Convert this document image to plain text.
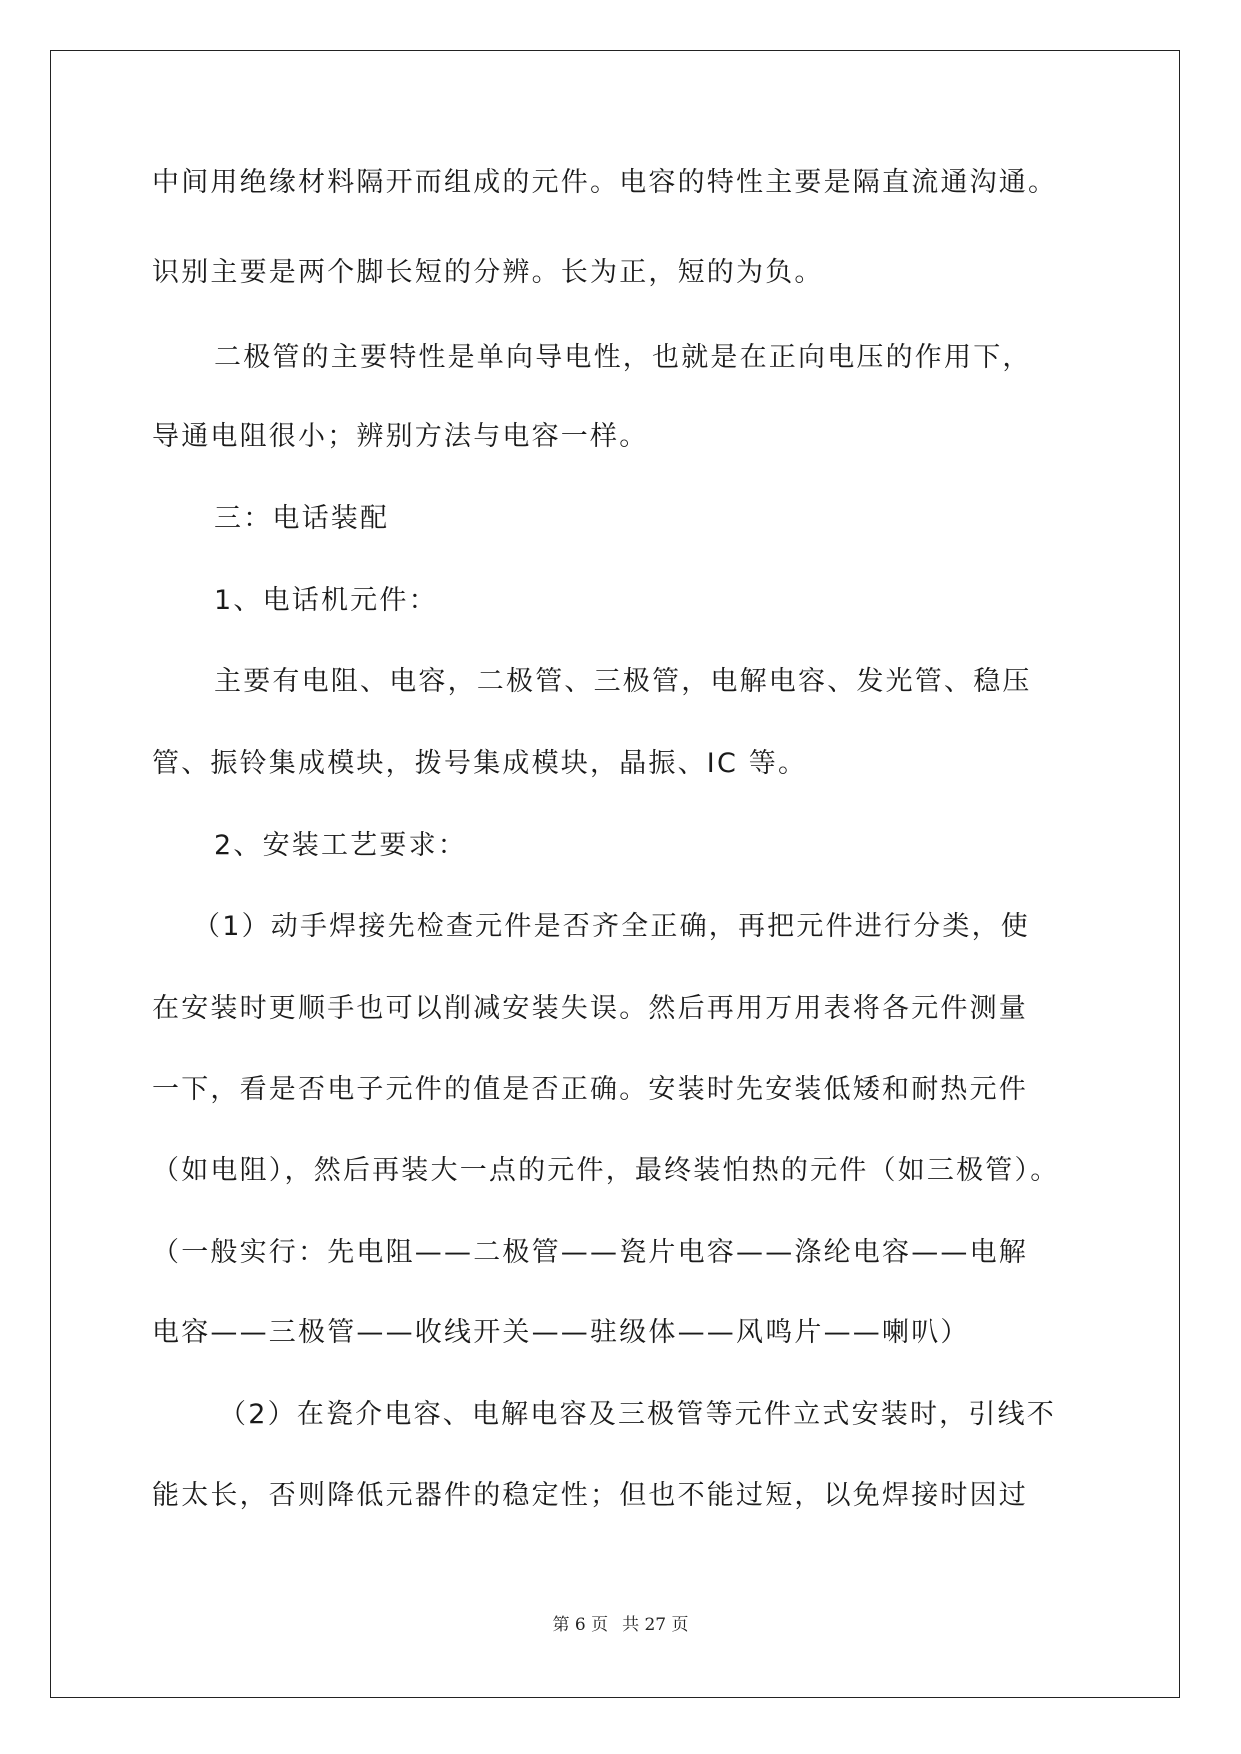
中间用绝缘材料隔开而组成的元件。电容的特性主要是隔直流通沟通。

识别主要是两个脚长短的分辨。长为正，短的为负。

二极管的主要特性是单向导电性，也就是在正向电压的作用下，

导通电阻很小；辨别方法与电容一样。

三：电话装配

1、电话机元件：

主要有电阻、电容，二极管、三极管，电解电容、发光管、稳压

管、振铃集成模块，拨号集成模块，晶振、IC 等。

2、安装工艺要求：

（1）动手焊接先检查元件是否齐全正确，再把元件进行分类，使

在安装时更顺手也可以削减安装失误。然后再用万用表将各元件测量

一下，看是否电子元件的值是否正确。安装时先安装低矮和耐热元件

（如电阻），然后再装大一点的元件，最终装怕热的元件（如三极管）。

（一般实行：先电阻——二极管——瓷片电容——涤纶电容——电解

电容——三极管——收线开关——驻级体——风鸣片——喇叭）

（2）在瓷介电容、电解电容及三极管等元件立式安装时，引线不

能太长，否则降低元器件的稳定性；但也不能过短，以免焊接时因过

第 6 页 共 27 页
